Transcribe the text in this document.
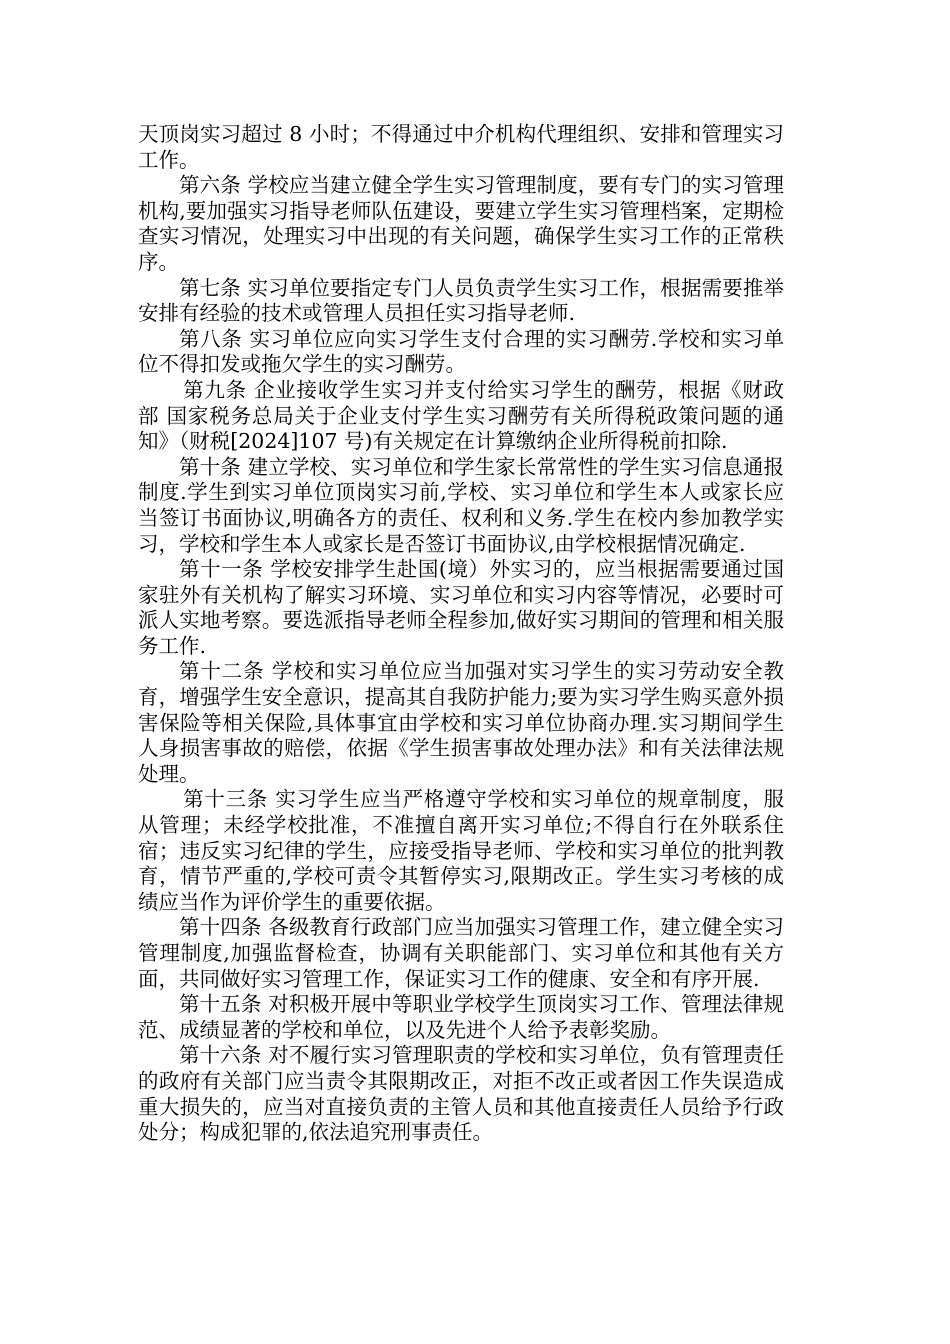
天顶岗实习超过 8 小时；不得通过中介机构代理组织、安排和管理实习工作。

第六条 学校应当建立健全学生实习管理制度，要有专门的实习管理机构,要加强实习指导老师队伍建设，要建立学生实习管理档案，定期检查实习情况，处理实习中出现的有关问题，确保学生实习工作的正常秩序。

第七条 实习单位要指定专门人员负责学生实习工作，根据需要推举安排有经验的技术或管理人员担任实习指导老师.

第八条 实习单位应向实习学生支付合理的实习酬劳.学校和实习单位不得扣发或拖欠学生的实习酬劳。

第九条 企业接收学生实习并支付给实习学生的酬劳，根据《财政部 国家税务总局关于企业支付学生实习酬劳有关所得税政策问题的通知》（财税[2024]107 号)有关规定在计算缴纳企业所得税前扣除.

第十条 建立学校、实习单位和学生家长常常性的学生实习信息通报制度.学生到实习单位顶岗实习前,学校、实习单位和学生本人或家长应当签订书面协议,明确各方的责任、权利和义务.学生在校内参加教学实习，学校和学生本人或家长是否签订书面协议,由学校根据情况确定.

第十一条 学校安排学生赴国(境）外实习的，应当根据需要通过国家驻外有关机构了解实习环境、实习单位和实习内容等情况，必要时可派人实地考察。要选派指导老师全程参加,做好实习期间的管理和相关服务工作.

第十二条 学校和实习单位应当加强对实习学生的实习劳动安全教育，增强学生安全意识，提高其自我防护能力;要为实习学生购买意外损害保险等相关保险,具体事宜由学校和实习单位协商办理.实习期间学生人身损害事故的赔偿，依据《学生损害事故处理办法》和有关法律法规处理。

第十三条 实习学生应当严格遵守学校和实习单位的规章制度，服从管理；未经学校批准，不准擅自离开实习单位;不得自行在外联系住宿；违反实习纪律的学生，应接受指导老师、学校和实习单位的批判教育，情节严重的,学校可责令其暂停实习,限期改正。学生实习考核的成绩应当作为评价学生的重要依据。

第十四条 各级教育行政部门应当加强实习管理工作，建立健全实习管理制度,加强监督检查，协调有关职能部门、实习单位和其他有关方面，共同做好实习管理工作，保证实习工作的健康、安全和有序开展.

第十五条 对积极开展中等职业学校学生顶岗实习工作、管理法律规范、成绩显著的学校和单位，以及先进个人给予表彰奖励。

第十六条 对不履行实习管理职责的学校和实习单位，负有管理责任的政府有关部门应当责令其限期改正，对拒不改正或者因工作失误造成重大损失的，应当对直接负责的主管人员和其他直接责任人员给予行政处分；构成犯罪的,依法追究刑事责任。
